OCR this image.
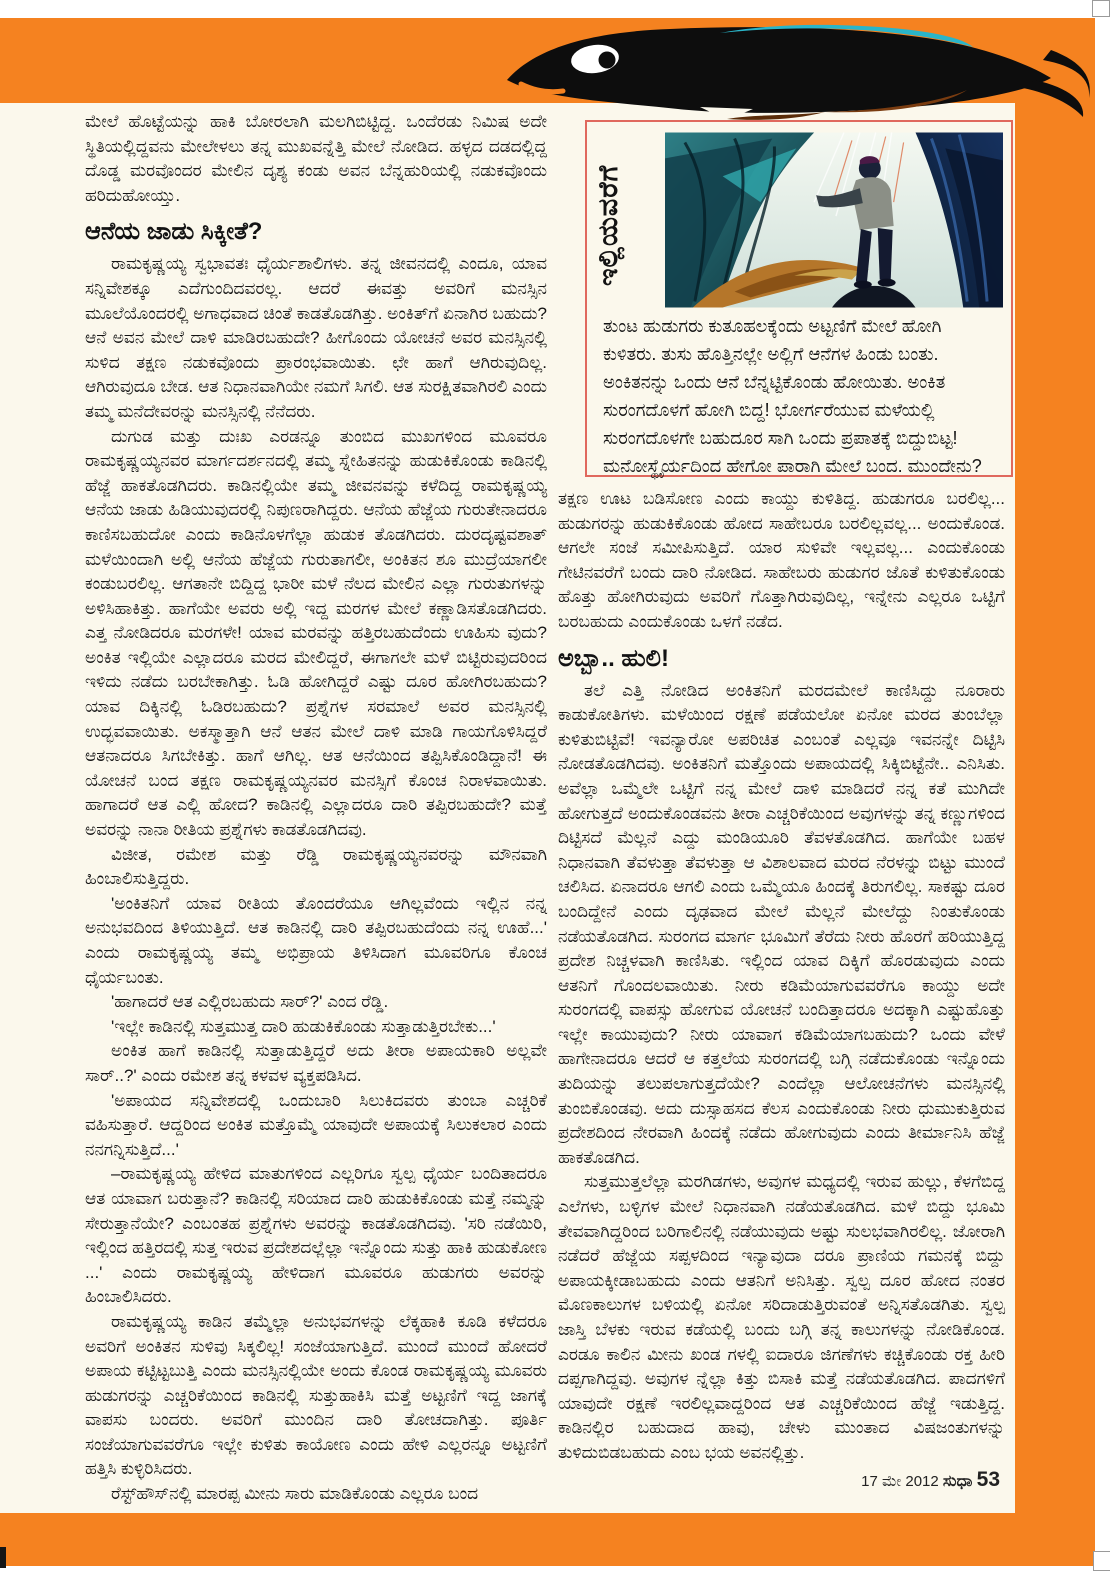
ಮೇಲೆ ಹೊಟ್ಟೆಯನ್ನು ಹಾಕಿ ಬೋರಲಾಗಿ ಮಲಗಿಬಿಟ್ಟಿದ್ದ. ಒಂದೆರಡು ನಿಮಿಷ ಅದೇ ಸ್ಥಿತಿಯಲ್ಲಿದ್ದವನು ಮೇಲೇಳಲು ತನ್ನ ಮುಖವನ್ನೆತ್ತಿ ಮೇಲೆ ನೋಡಿದ. ಹಳ್ಳದ ದಡದಲ್ಲಿದ್ದ ದೊಡ್ಡ ಮರವೊಂದರ ಮೇಲಿನ ದೃಶ್ಯ ಕಂಡು ಅವನ ಬೆನ್ನಹುರಿಯಲ್ಲಿ ನಡುಕವೊಂದು ಹರಿದುಹೋಯ್ತು.

ಆನೆಯ ಜಾಡು ಸಿಕ್ಕೀತೆ?

ರಾಮಕೃಷ್ಣಯ್ಯ ಸ್ವಭಾವತಃ ಧೈರ್ಯಶಾಲಿಗಳು. ತನ್ನ ಜೀವನದಲ್ಲಿ ಎಂದೂ, ಯಾವ ಸನ್ನಿವೇಶಕ್ಕೂ ಎದೆಗುಂದಿದವರಲ್ಲ. ಆದರೆ ಈವತ್ತು ಅವರಿಗೆ ಮನಸ್ಸಿನ ಮೂಲೆಯೊಂದರಲ್ಲಿ ಅಗಾಧವಾದ ಚಿಂತೆ ಕಾಡತೊಡಗಿತ್ತು. ಅಂಕಿತ್‌ಗೆ ಏನಾಗಿರ ಬಹುದು? ಆನೆ ಅವನ ಮೇಲೆ ದಾಳಿ ಮಾಡಿರಬಹುದೇ? ಹೀಗೊಂದು ಯೋಚನೆ ಅವರ ಮನಸ್ಸಿನಲ್ಲಿ ಸುಳಿದ ತಕ್ಷಣ ನಡುಕವೊಂದು ಪ್ರಾರಂಭವಾಯಿತು. ಛೇ ಹಾಗೆ ಆಗಿರುವುದಿಲ್ಲ. ಆಗಿರುವುದೂ ಬೇಡ. ಆತ ನಿಧಾನವಾಗಿಯೇ ನಮಗೆ ಸಿಗಲಿ. ಆತ ಸುರಕ್ಷಿತವಾಗಿರಲಿ ಎಂದು ತಮ್ಮ ಮನೆದೇವರನ್ನು ಮನಸ್ಸಿನಲ್ಲಿ ನೆನೆದರು.

ದುಗುಡ ಮತ್ತು ದುಃಖ ಎರಡನ್ನೂ ತುಂಬಿದ ಮುಖಗಳಿಂದ ಮೂವರೂ ರಾಮಕೃಷ್ಣಯ್ಯನವರ ಮಾರ್ಗದರ್ಶನದಲ್ಲಿ ತಮ್ಮ ಸ್ನೇಹಿತನನ್ನು ಹುಡುಕಿಕೊಂಡು ಕಾಡಿನಲ್ಲಿ ಹೆಜ್ಜೆ ಹಾಕತೊಡಗಿದರು. ಕಾಡಿನಲ್ಲಿಯೇ ತಮ್ಮ ಜೀವನವನ್ನು ಕಳೆದಿದ್ದ ರಾಮಕೃಷ್ಣಯ್ಯ ಆನೆಯ ಜಾಡು ಹಿಡಿಯುವುದರಲ್ಲಿ ನಿಪುಣರಾಗಿದ್ದರು. ಆನೆಯ ಹೆಜ್ಜೆಯ ಗುರುತೇನಾದರೂ ಕಾಣಿಸಬಹುದೋ ಎಂದು ಕಾಡಿನೊಳಗೆಲ್ಲಾ ಹುಡುಕ ತೊಡಗಿದರು. ದುರದೃಷ್ಟವಶಾತ್ ಮಳೆಯಿಂದಾಗಿ ಅಲ್ಲಿ ಆನೆಯ ಹೆಜ್ಜೆಯ ಗುರುತಾಗಲೀ, ಅಂಕಿತನ ಶೂ ಮುದ್ರೆಯಾಗಲೀ ಕಂಡುಬರಲಿಲ್ಲ. ಆಗತಾನೇ ಬಿದ್ದಿದ್ದ ಭಾರೀ ಮಳೆ ನೆಲದ ಮೇಲಿನ ಎಲ್ಲಾ ಗುರುತುಗಳನ್ನು ಅಳಿಸಿಹಾಕಿತ್ತು. ಹಾಗೆಯೇ ಅವರು ಅಲ್ಲಿ ಇದ್ದ ಮರಗಳ ಮೇಲೆ ಕಣ್ಣಾಡಿಸತೊಡಗಿದರು. ಎತ್ತ ನೋಡಿದರೂ ಮರಗಳೇ! ಯಾವ ಮರವನ್ನು ಹತ್ತಿರಬಹುದೆಂದು ಊಹಿಸು ವುದು? ಅಂಕಿತ ಇಲ್ಲಿಯೇ ಎಲ್ಲಾದರೂ ಮರದ ಮೇಲಿದ್ದರೆ, ಈಗಾಗಲೇ ಮಳೆ ಬಿಟ್ಟಿರುವುದರಿಂದ ಇಳಿದು ನಡೆದು ಬರಬೇಕಾಗಿತ್ತು. ಓಡಿ ಹೋಗಿದ್ದರೆ ಎಷ್ಟು ದೂರ ಹೋಗಿರಬಹುದು? ಯಾವ ದಿಕ್ಕಿನಲ್ಲಿ ಓಡಿರಬಹುದು? ಪ್ರಶ್ನೆಗಳ ಸರಮಾಲೆ ಅವರ ಮನಸ್ಸಿನಲ್ಲಿ ಉದ್ಭವವಾಯಿತು. ಅಕಸ್ಮಾತ್ತಾಗಿ ಆನೆ ಆತನ ಮೇಲೆ ದಾಳಿ ಮಾಡಿ ಗಾಯಗೊಳಿಸಿದ್ದರೆ ಆತನಾದರೂ ಸಿಗಬೇಕಿತ್ತು. ಹಾಗೆ ಆಗಿಲ್ಲ. ಆತ ಆನೆಯಿಂದ ತಪ್ಪಿಸಿಕೊಂಡಿದ್ದಾನೆ! ಈ ಯೋಚನೆ ಬಂದ ತಕ್ಷಣ ರಾಮಕೃಷ್ಣಯ್ಯನವರ ಮನಸ್ಸಿಗೆ ಕೊಂಚ ನಿರಾಳವಾಯಿತು. ಹಾಗಾದರೆ ಆತ ಎಲ್ಲಿ ಹೋದ? ಕಾಡಿನಲ್ಲಿ ಎಲ್ಲಾದರೂ ದಾರಿ ತಪ್ಪಿರಬಹುದೇ? ಮತ್ತೆ ಅವರನ್ನು ನಾನಾ ರೀತಿಯ ಪ್ರಶ್ನೆಗಳು ಕಾಡತೊಡಗಿದವು.

ವಿಜೀತ, ರಮೇಶ ಮತ್ತು ರೆಡ್ಡಿ ರಾಮಕೃಷ್ಣಯ್ಯನವರನ್ನು ಮೌನವಾಗಿ ಹಿಂಬಾಲಿಸುತ್ತಿದ್ದರು.

'ಅಂಕಿತನಿಗೆ ಯಾವ ರೀತಿಯ ತೊಂದರೆಯೂ ಆಗಿಲ್ಲವೆಂದು ಇಲ್ಲಿನ ನನ್ನ ಅನುಭವದಿಂದ ತಿಳಿಯುತ್ತಿದೆ. ಆತ ಕಾಡಿನಲ್ಲಿ ದಾರಿ ತಪ್ಪಿರಬಹುದೆಂದು ನನ್ನ ಊಹೆ...' ಎಂದು ರಾಮಕೃಷ್ಣಯ್ಯ ತಮ್ಮ ಅಭಿಪ್ರಾಯ ತಿಳಿಸಿದಾಗ ಮೂವರಿಗೂ ಕೊಂಚ ಧೈರ್ಯಬಂತು.

'ಹಾಗಾದರೆ ಆತ ಎಲ್ಲಿರಬಹುದು ಸಾರ್?' ಎಂದ ರೆಡ್ಡಿ.

'ಇಲ್ಲೇ ಕಾಡಿನಲ್ಲಿ ಸುತ್ತಮುತ್ತ ದಾರಿ ಹುಡುಕಿಕೊಂಡು ಸುತ್ತಾಡುತ್ತಿರಬೇಕು...'

ಅಂಕಿತ ಹಾಗೆ ಕಾಡಿನಲ್ಲಿ ಸುತ್ತಾಡುತ್ತಿದ್ದರೆ ಅದು ತೀರಾ ಅಪಾಯಕಾರಿ ಅಲ್ಲವೇ ಸಾರ್..?' ಎಂದು ರಮೇಶ ತನ್ನ ಕಳವಳ ವ್ಯಕ್ತಪಡಿಸಿದ.

'ಅಪಾಯದ ಸನ್ನಿವೇಶದಲ್ಲಿ ಒಂದುಬಾರಿ ಸಿಲುಕಿದವರು ತುಂಬಾ ಎಚ್ಚರಿಕೆ ವಹಿಸುತ್ತಾರೆ. ಆದ್ದರಿಂದ ಅಂಕಿತ ಮತ್ತೊಮ್ಮೆ ಯಾವುದೇ ಅಪಾಯಕ್ಕೆ ಸಿಲುಕಲಾರ ಎಂದು ನನಗನ್ನಿಸುತ್ತಿದೆ...'

–ರಾಮಕೃಷ್ಣಯ್ಯ ಹೇಳಿದ ಮಾತುಗಳಿಂದ ಎಲ್ಲರಿಗೂ ಸ್ವಲ್ಪ ಧೈರ್ಯ ಬಂದಿತಾದರೂ ಆತ ಯಾವಾಗ ಬರುತ್ತಾನೆ? ಕಾಡಿನಲ್ಲಿ ಸರಿಯಾದ ದಾರಿ ಹುಡುಕಿಕೊಂಡು ಮತ್ತೆ ನಮ್ಮನ್ನು ಸೇರುತ್ತಾನೆಯೇ? ಎಂಬಂತಹ ಪ್ರಶ್ನೆಗಳು ಅವರನ್ನು ಕಾಡತೊಡಗಿದವು. 'ಸರಿ ನಡೆಯಿರಿ, ಇಲ್ಲಿಂದ ಹತ್ತಿರದಲ್ಲಿ ಸುತ್ತ ಇರುವ ಪ್ರದೇಶದಲ್ಲೆಲ್ಲಾ ಇನ್ನೊಂದು ಸುತ್ತು ಹಾಕಿ ಹುಡುಕೋಣ ...' ಎಂದು ರಾಮಕೃಷ್ಣಯ್ಯ ಹೇಳಿದಾಗ ಮೂವರೂ ಹುಡುಗರು ಅವರನ್ನು ಹಿಂಬಾಲಿಸಿದರು.

ರಾಮಕೃಷ್ಣಯ್ಯ ಕಾಡಿನ ತಮ್ಮೆಲ್ಲಾ ಅನುಭವಗಳನ್ನು ಲೆಕ್ಕಹಾಕಿ ಕೂಡಿ ಕಳೆದರೂ ಅವರಿಗೆ ಅಂಕಿತನ ಸುಳಿವು ಸಿಕ್ಕಲಿಲ್ಲ! ಸಂಜೆಯಾಗುತ್ತಿದೆ. ಮುಂದೆ ಮುಂದೆ ಹೋದರೆ ಅಪಾಯ ಕಟ್ಟಿಟ್ಟಬುತ್ತಿ ಎಂದು ಮನಸ್ಸಿನಲ್ಲಿಯೇ ಅಂದು ಕೊಂಡ ರಾಮಕೃಷ್ಣಯ್ಯ ಮೂವರು ಹುಡುಗರನ್ನು ಎಚ್ಚರಿಕೆಯಿಂದ ಕಾಡಿನಲ್ಲಿ ಸುತ್ತುಹಾಕಿಸಿ ಮತ್ತೆ ಅಟ್ಟಣಿಗೆ ಇದ್ದ ಜಾಗಕ್ಕೆ ವಾಪಸು ಬಂದರು. ಅವರಿಗೆ ಮುಂದಿನ ದಾರಿ ತೋಚದಾಗಿತ್ತು. ಪೂರ್ತಿ ಸಂಜೆಯಾಗುವವರೆಗೂ ಇಲ್ಲೇ ಕುಳಿತು ಕಾಯೋಣ ಎಂದು ಹೇಳಿ ಎಲ್ಲರನ್ನೂ ಅಟ್ಟಣಿಗೆ ಹತ್ತಿಸಿ ಕುಳ್ಳಿರಿಸಿದರು.

ರೆಸ್ಟ್‌ಹೌಸ್‌ನಲ್ಲಿ ಮಾರಪ್ಪ ಮೀನು ಸಾರು ಮಾಡಿಕೊಂಡು ಎಲ್ಲರೂ ಬಂದ

ಇಲ್ಲಿಯವರೆಗೆ

ತುಂಟ ಹುಡುಗರು ಕುತೂಹಲಕ್ಕೆಂದು ಅಟ್ಟಣಿಗೆ ಮೇಲೆ ಹೋಗಿ ಕುಳಿತರು. ತುಸು ಹೊತ್ತಿನಲ್ಲೇ ಅಲ್ಲಿಗೆ ಆನೆಗಳ ಹಿಂಡು ಬಂತು. ಅಂಕಿತನನ್ನು ಒಂದು ಆನೆ ಬೆನ್ನಟ್ಟಿಕೊಂಡು ಹೋಯಿತು. ಅಂಕಿತ ಸುರಂಗದೊಳಗೆ ಹೋಗಿ ಬಿದ್ದ! ಭೋರ್ಗರೆಯುವ ಮಳೆಯಲ್ಲಿ ಸುರಂಗದೊಳಗೇ ಬಹುದೂರ ಸಾಗಿ ಒಂದು ಪ್ರಪಾತಕ್ಕೆ ಬಿದ್ದುಬಿಟ್ಟ! ಮನೋಸ್ಥೈರ್ಯದಿಂದ ಹೇಗೋ ಪಾರಾಗಿ ಮೇಲೆ ಬಂದ. ಮುಂದೇನು?

ತಕ್ಷಣ ಊಟ ಬಡಿಸೋಣ ಎಂದು ಕಾಯ್ದು ಕುಳಿತಿದ್ದ. ಹುಡುಗರೂ ಬರಲಿಲ್ಲ... ಹುಡುಗರನ್ನು ಹುಡುಕಿಕೊಂಡು ಹೋದ ಸಾಹೇಬರೂ ಬರಲಿಲ್ಲವಲ್ಲ... ಅಂದುಕೊಂಡ. ಆಗಲೇ ಸಂಜೆ ಸಮೀಪಿಸುತ್ತಿದೆ. ಯಾರ ಸುಳಿವೇ ಇಲ್ಲವಲ್ಲ... ಎಂದುಕೊಂಡು ಗೇಟಿನವರೆಗೆ ಬಂದು ದಾರಿ ನೋಡಿದ. ಸಾಹೇಬರು ಹುಡುಗರ ಜೊತೆ ಕುಳಿತುಕೊಂಡು ಹೊತ್ತು ಹೋಗಿರುವುದು ಅವರಿಗೆ ಗೊತ್ತಾಗಿರುವುದಿಲ್ಲ, ಇನ್ನೇನು ಎಲ್ಲರೂ ಒಟ್ಟಿಗೆ ಬರಬಹುದು ಎಂದುಕೊಂಡು ಒಳಗೆ ನಡೆದ.

ಅಬ್ಬಾ.. ಹುಲಿ!

ತಲೆ ಎತ್ತಿ ನೋಡಿದ ಅಂಕಿತನಿಗೆ ಮರದಮೇಲೆ ಕಾಣಿಸಿದ್ದು ನೂರಾರು ಕಾಡುಕೋತಿಗಳು. ಮಳೆಯಿಂದ ರಕ್ಷಣೆ ಪಡೆಯಲೋ ಏನೋ ಮರದ ತುಂಬೆಲ್ಲಾ ಕುಳಿತುಬಿಟ್ಟಿವೆ! ಇವನ್ಯಾರೋ ಅಪರಿಚಿತ ಎಂಬಂತೆ ಎಲ್ಲವೂ ಇವನನ್ನೇ ದಿಟ್ಟಿಸಿ ನೋಡತೊಡಗಿದವು. ಅಂಕಿತನಿಗೆ ಮತ್ತೊಂದು ಅಪಾಯದಲ್ಲಿ ಸಿಕ್ಕಿಬಿಟ್ಟೆನೇ.. ಎನಿಸಿತು. ಅವೆಲ್ಲಾ ಒಮ್ಮೆಲೇ ಒಟ್ಟಿಗೆ ನನ್ನ ಮೇಲೆ ದಾಳಿ ಮಾಡಿದರೆ ನನ್ನ ಕತೆ ಮುಗಿದೇ ಹೋಗುತ್ತದೆ ಅಂದುಕೊಂಡವನು ತೀರಾ ಎಚ್ಚರಿಕೆಯಿಂದ ಅವುಗಳನ್ನು ತನ್ನ ಕಣ್ಣುಗಳಿಂದ ದಿಟ್ಟಿಸದೆ ಮೆಲ್ಲನೆ ಎದ್ದು ಮಂಡಿಯೂರಿ ತೆವಳತೊಡಗಿದ. ಹಾಗೆಯೇ ಬಹಳ ನಿಧಾನವಾಗಿ ತೆವಳುತ್ತಾ ತೆವಳುತ್ತಾ ಆ ವಿಶಾಲವಾದ ಮರದ ನೆರಳನ್ನು ಬಿಟ್ಟು ಮುಂದೆ ಚಲಿಸಿದ. ಏನಾದರೂ ಆಗಲಿ ಎಂದು ಒಮ್ಮೆಯೂ ಹಿಂದಕ್ಕೆ ತಿರುಗಲಿಲ್ಲ. ಸಾಕಷ್ಟು ದೂರ ಬಂದಿದ್ದೇನೆ ಎಂದು ದೃಢವಾದ ಮೇಲೆ ಮೆಲ್ಲನೆ ಮೇಲೆದ್ದು ನಿಂತುಕೊಂಡು ನಡೆಯತೊಡಗಿದ. ಸುರಂಗದ ಮಾರ್ಗ ಭೂಮಿಗೆ ತೆರೆದು ನೀರು ಹೊರಗೆ ಹರಿಯುತ್ತಿದ್ದ ಪ್ರದೇಶ ನಿಚ್ಚಳವಾಗಿ ಕಾಣಿಸಿತು. ಇಲ್ಲಿಂದ ಯಾವ ದಿಕ್ಕಿಗೆ ಹೊರಡುವುದು ಎಂದು ಆತನಿಗೆ ಗೊಂದಲವಾಯಿತು. ನೀರು ಕಡಿಮೆಯಾಗುವವರೆಗೂ ಕಾಯ್ದು ಅದೇ ಸುರಂಗದಲ್ಲಿ ವಾಪಸ್ಸು ಹೋಗುವ ಯೋಚನೆ ಬಂದಿತ್ತಾದರೂ ಅದಕ್ಕಾಗಿ ಎಷ್ಟುಹೊತ್ತು ಇಲ್ಲೇ ಕಾಯುವುದು? ನೀರು ಯಾವಾಗ ಕಡಿಮೆಯಾಗಬಹುದು? ಒಂದು ವೇಳೆ ಹಾಗೇನಾದರೂ ಆದರೆ ಆ ಕತ್ತಲೆಯ ಸುರಂಗದಲ್ಲಿ ಬಗ್ಗಿ ನಡೆದುಕೊಂಡು ಇನ್ನೊಂದು ತುದಿಯನ್ನು ತಲುಪಲಾಗುತ್ತದೆಯೇ? ಎಂದೆಲ್ಲಾ ಆಲೋಚನೆಗಳು ಮನಸ್ಸಿನಲ್ಲಿ ತುಂಬಿಕೊಂಡವು. ಅದು ದುಸ್ಸಾಹಸದ ಕೆಲಸ ಎಂದುಕೊಂಡು ನೀರು ಧುಮುಕುತ್ತಿರುವ ಪ್ರದೇಶದಿಂದ ನೇರವಾಗಿ ಹಿಂದಕ್ಕೆ ನಡೆದು ಹೋಗುವುದು ಎಂದು ತೀರ್ಮಾನಿಸಿ ಹೆಜ್ಜೆ ಹಾಕತೊಡಗಿದ.

ಸುತ್ತಮುತ್ತಲೆಲ್ಲಾ ಮರಗಿಡಗಳು, ಅವುಗಳ ಮಧ್ಯದಲ್ಲಿ ಇರುವ ಹುಲ್ಲು, ಕೆಳಗೆಬಿದ್ದ ಎಲೆಗಳು, ಬಳ್ಳಿಗಳ ಮೇಲೆ ನಿಧಾನವಾಗಿ ನಡೆಯತೊಡಗಿದ. ಮಳೆ ಬಿದ್ದು ಭೂಮಿ ತೇವವಾಗಿದ್ದರಿಂದ ಬರಿಗಾಲಿನಲ್ಲಿ ನಡೆಯುವುದು ಅಷ್ಟು ಸುಲಭವಾಗಿರಲಿಲ್ಲ. ಜೋರಾಗಿ ನಡೆದರೆ ಹೆಜ್ಜೆಯ ಸಪ್ಪಳದಿಂದ ಇನ್ಯಾವುದಾ ದರೂ ಪ್ರಾಣಿಯ ಗಮನಕ್ಕೆ ಬಿದ್ದು ಅಪಾಯಕ್ಕೀಡಾಬಹುದು ಎಂದು ಆತನಿಗೆ ಅನಿಸಿತ್ತು. ಸ್ವಲ್ಪ ದೂರ ಹೋದ ನಂತರ ಮೊಣಕಾಲುಗಳ ಬಳಿಯಲ್ಲಿ ಏನೋ ಸರಿದಾಡುತ್ತಿರುವಂತೆ ಅನ್ನಿಸತೊಡಗಿತು. ಸ್ವಲ್ಪ ಜಾಸ್ತಿ ಬೆಳಕು ಇರುವ ಕಡೆಯಲ್ಲಿ ಬಂದು ಬಗ್ಗಿ ತನ್ನ ಕಾಲುಗಳನ್ನು ನೋಡಿಕೊಂಡ. ಎರಡೂ ಕಾಲಿನ ಮೀನು ಖಂಡ ಗಳಲ್ಲಿ ಐದಾರೂ ಜಿಗಣೆಗಳು ಕಚ್ಚಿಕೊಂಡು ರಕ್ತ ಹೀರಿ ದಪ್ಪಗಾಗಿದ್ದವು. ಅವುಗಳ ನ್ನೆಲ್ಲಾ ಕಿತ್ತು ಬಿಸಾಕಿ ಮತ್ತೆ ನಡೆಯತೊಡಗಿದ. ಪಾದಗಳಿಗೆ ಯಾವುದೇ ರಕ್ಷಣೆ ಇರಲಿಲ್ಲವಾದ್ದರಿಂದ ಆತ ಎಚ್ಚರಿಕೆಯಿಂದ ಹೆಜ್ಜೆ ಇಡುತ್ತಿದ್ದ. ಕಾಡಿನಲ್ಲಿರ ಬಹುದಾದ ಹಾವು, ಚೇಳು ಮುಂತಾದ ವಿಷಜಂತುಗಳನ್ನು ತುಳಿದುಬಿಡಬಹುದು ಎಂಬ ಭಯ ಅವನಲ್ಲಿತ್ತು.

17 ಮೇ 2012 ಸುಧಾ 53
